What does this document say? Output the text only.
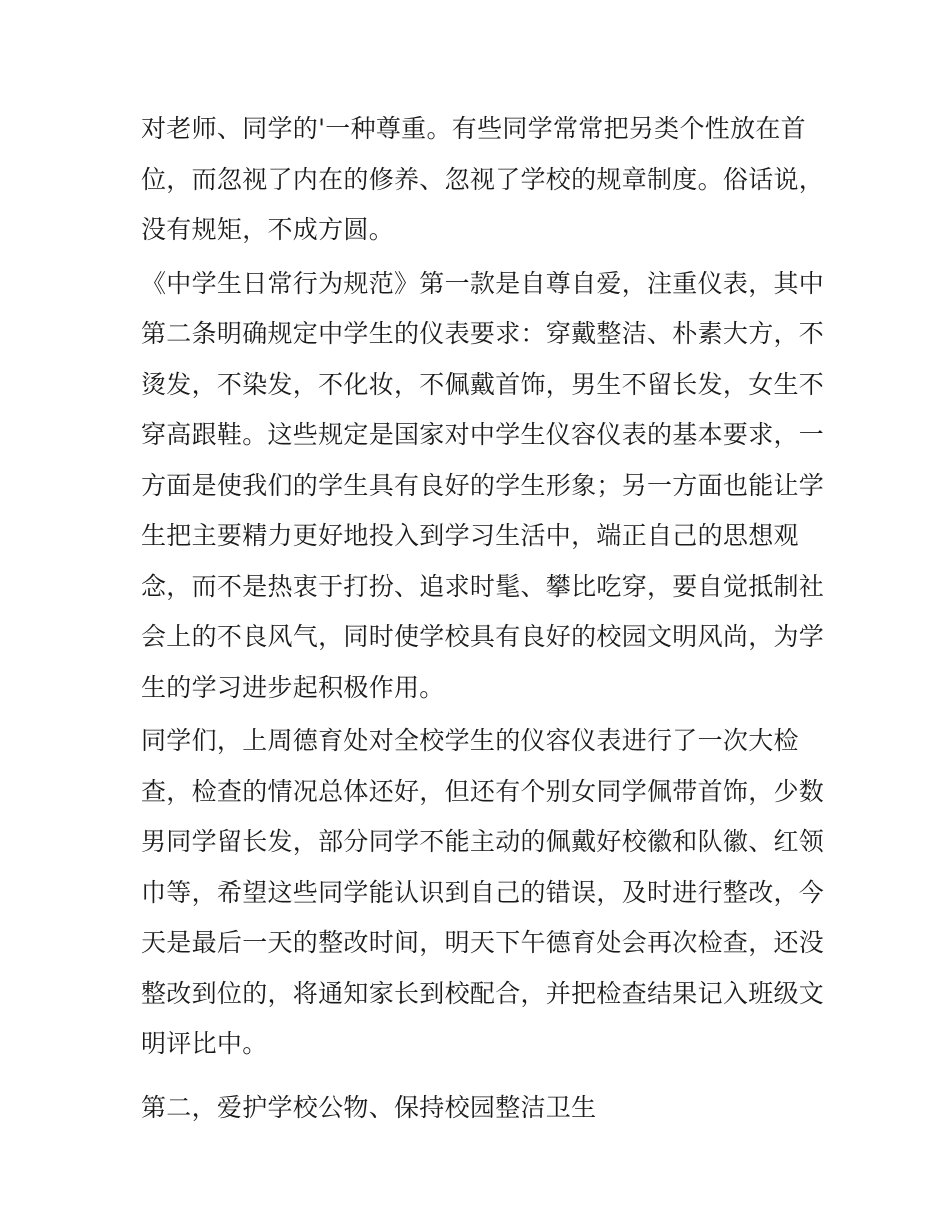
对老师、同学的'一种尊重。有些同学常常把另类个性放在首
位，而忽视了内在的修养、忽视了学校的规章制度。俗话说，
没有规矩，不成方圆。
《中学生日常行为规范》第一款是自尊自爱，注重仪表，其中
第二条明确规定中学生的仪表要求：穿戴整洁、朴素大方，不
烫发，不染发，不化妆，不佩戴首饰，男生不留长发，女生不
穿高跟鞋。这些规定是国家对中学生仪容仪表的基本要求，一
方面是使我们的学生具有良好的学生形象；另一方面也能让学
生把主要精力更好地投入到学习生活中，端正自己的思想观
念，而不是热衷于打扮、追求时髦、攀比吃穿，要自觉抵制社
会上的不良风气，同时使学校具有良好的校园文明风尚，为学
生的学习进步起积极作用。
同学们，上周德育处对全校学生的仪容仪表进行了一次大检
查，检查的情况总体还好，但还有个别女同学佩带首饰，少数
男同学留长发，部分同学不能主动的佩戴好校徽和队徽、红领
巾等，希望这些同学能认识到自己的错误，及时进行整改，今
天是最后一天的整改时间，明天下午德育处会再次检查，还没
整改到位的，将通知家长到校配合，并把检查结果记入班级文
明评比中。
第二，爱护学校公物、保持校园整洁卫生
